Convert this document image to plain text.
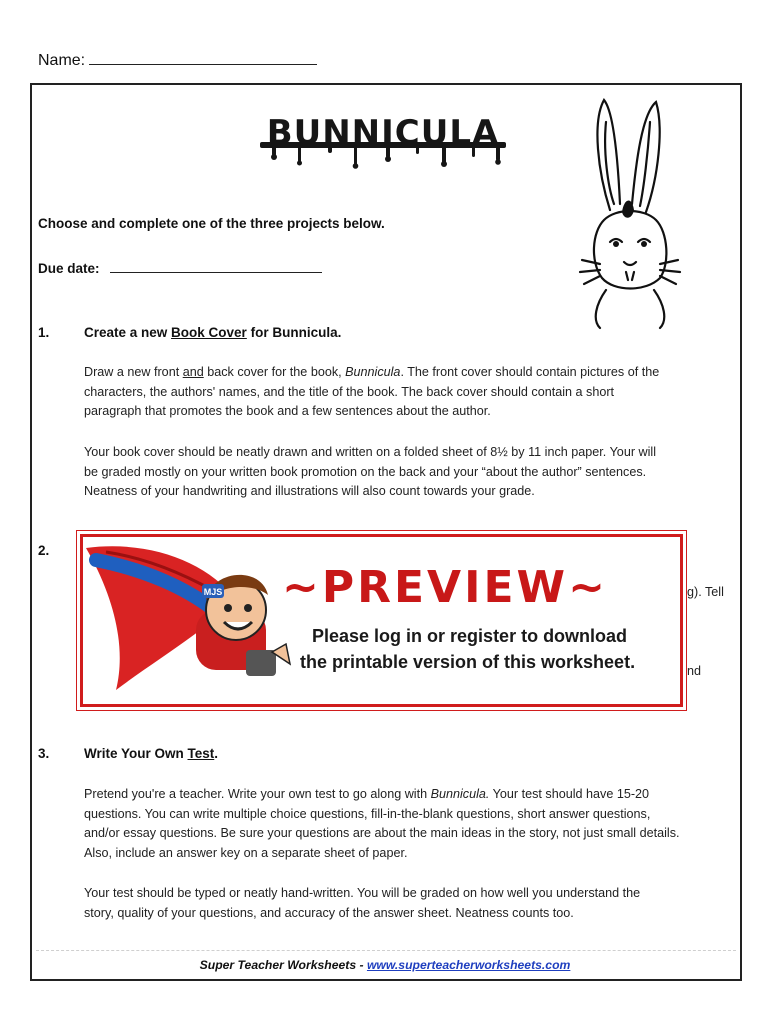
Name:
BUNNICULA
Choose and complete one of the three projects below.
Due date:
1.	Create a new Book Cover for Bunnicula.
Draw a new front and back cover for the book, Bunnicula. The front cover should contain pictures of the
characters, the authors' names, and the title of the book. The back cover should contain a short
paragraph that promotes the book and a few sentences about the author.
Your book cover should be neatly drawn and written on a folded sheet of 8½ by 11 inch paper. Your will
be graded mostly on your written book promotion on the back and your “about the author” sentences.
Neatness of your handwriting and illustrations will also count towards your grade.
2.
g). Tell
nd
MJS ~PREVIEW~
Please log in or register to download
the printable version of this worksheet.
3.	Write Your Own Test.
Pretend you're a teacher. Write your own test to go along with Bunnicula. Your test should have 15-20
questions. You can write multiple choice questions, fill-in-the-blank questions, short answer questions,
and/or essay questions. Be sure your questions are about the main ideas in the story, not just small details.
Also, include an answer key on a separate sheet of paper.
Your test should be typed or neatly hand-written. You will be graded on how well you understand the
story, quality of your questions, and accuracy of the answer sheet. Neatness counts too.
Super Teacher Worksheets - www.superteacherworksheets.com
